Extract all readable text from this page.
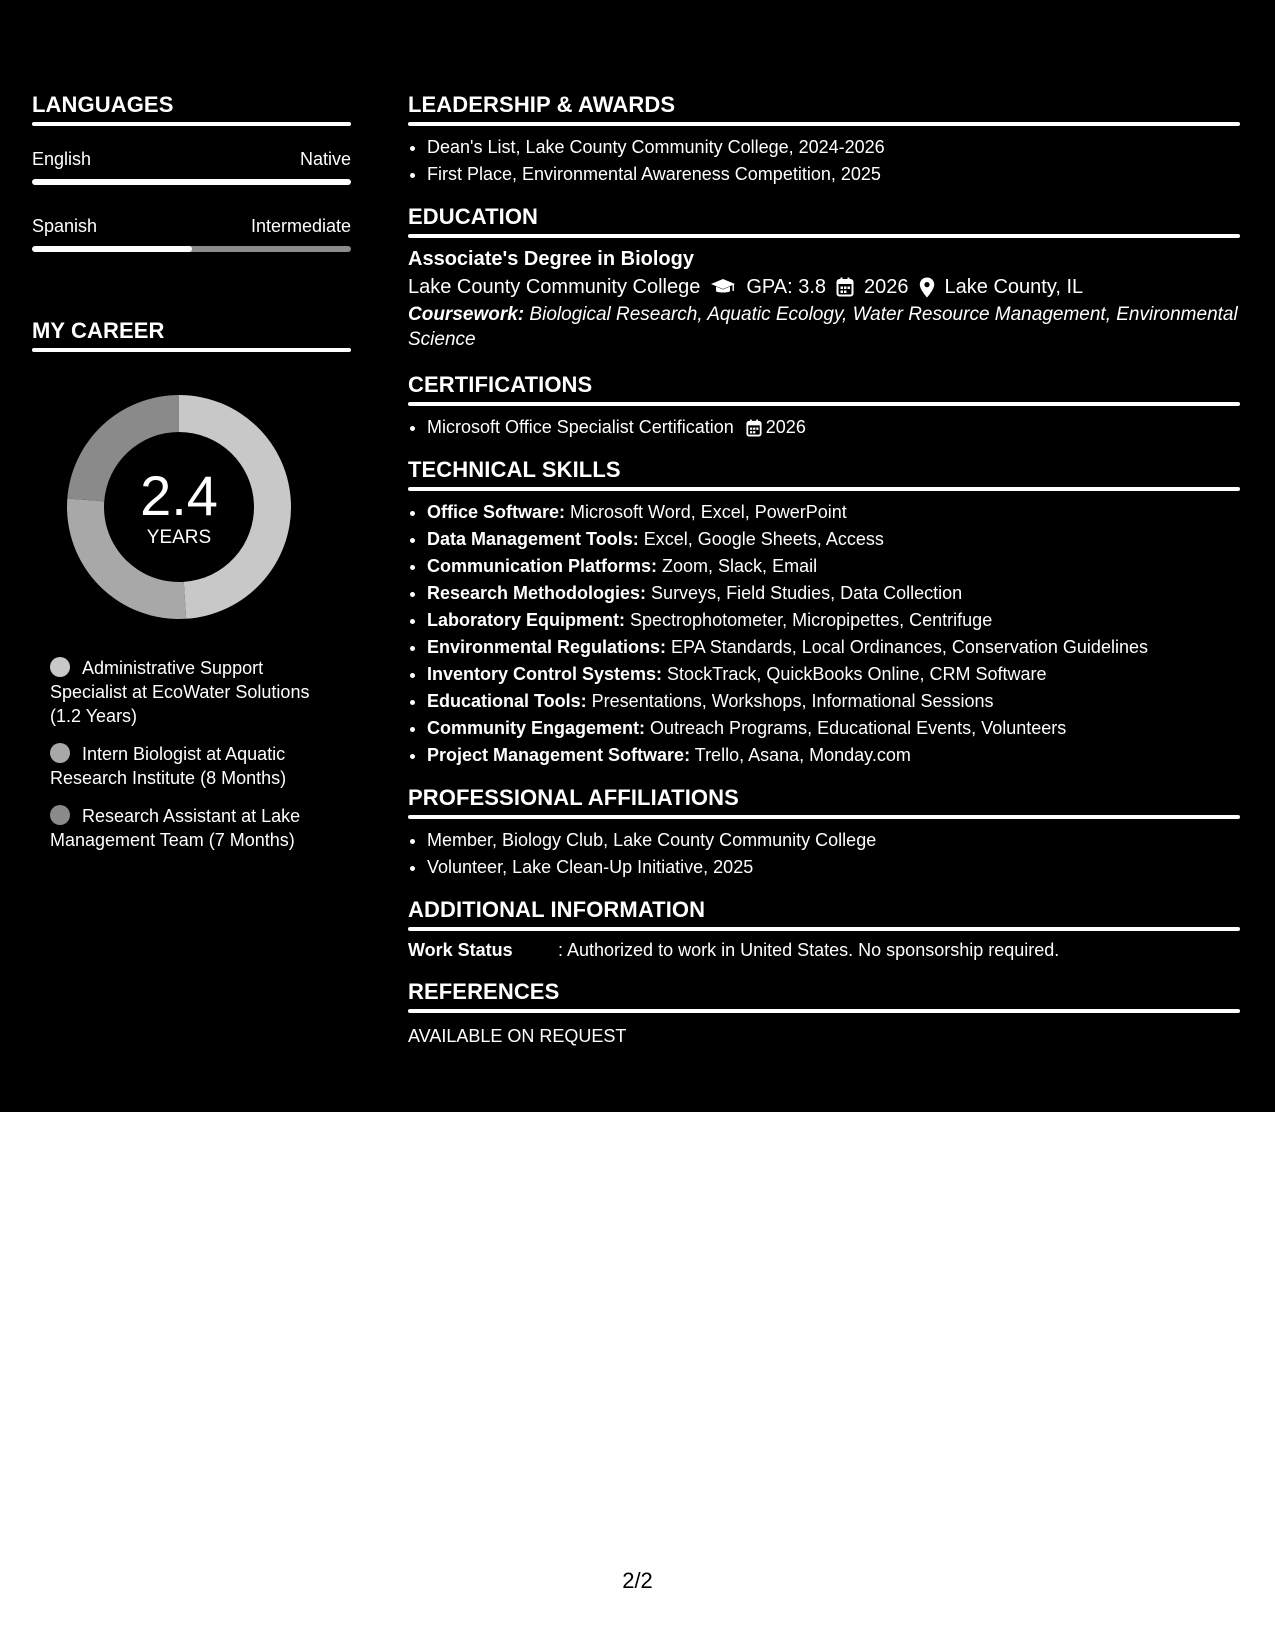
LANGUAGES
English	Native
Spanish	Intermediate
MY CAREER
2.4
YEARS
Administrative Support Specialist at EcoWater Solutions (1.2 Years)
Intern Biologist at Aquatic Research Institute (8 Months)
Research Assistant at Lake Management Team (7 Months)
LEADERSHIP & AWARDS
• Dean's List, Lake County Community College, 2024-2026
• First Place, Environmental Awareness Competition, 2025
EDUCATION
Associate's Degree in Biology
Lake County Community College GPA: 3.8 2026 Lake County, IL
Coursework: Biological Research, Aquatic Ecology, Water Resource Management, Environmental Science
CERTIFICATIONS
• Microsoft Office Specialist Certification 2026
TECHNICAL SKILLS
• Office Software: Microsoft Word, Excel, PowerPoint
• Data Management Tools: Excel, Google Sheets, Access
• Communication Platforms: Zoom, Slack, Email
• Research Methodologies: Surveys, Field Studies, Data Collection
• Laboratory Equipment: Spectrophotometer, Micropipettes, Centrifuge
• Environmental Regulations: EPA Standards, Local Ordinances, Conservation Guidelines
• Inventory Control Systems: StockTrack, QuickBooks Online, CRM Software
• Educational Tools: Presentations, Workshops, Informational Sessions
• Community Engagement: Outreach Programs, Educational Events, Volunteers
• Project Management Software: Trello, Asana, Monday.com
PROFESSIONAL AFFILIATIONS
• Member, Biology Club, Lake County Community College
• Volunteer, Lake Clean-Up Initiative, 2025
ADDITIONAL INFORMATION
Work Status	: Authorized to work in United States. No sponsorship required.
REFERENCES
AVAILABLE ON REQUEST
2/2
